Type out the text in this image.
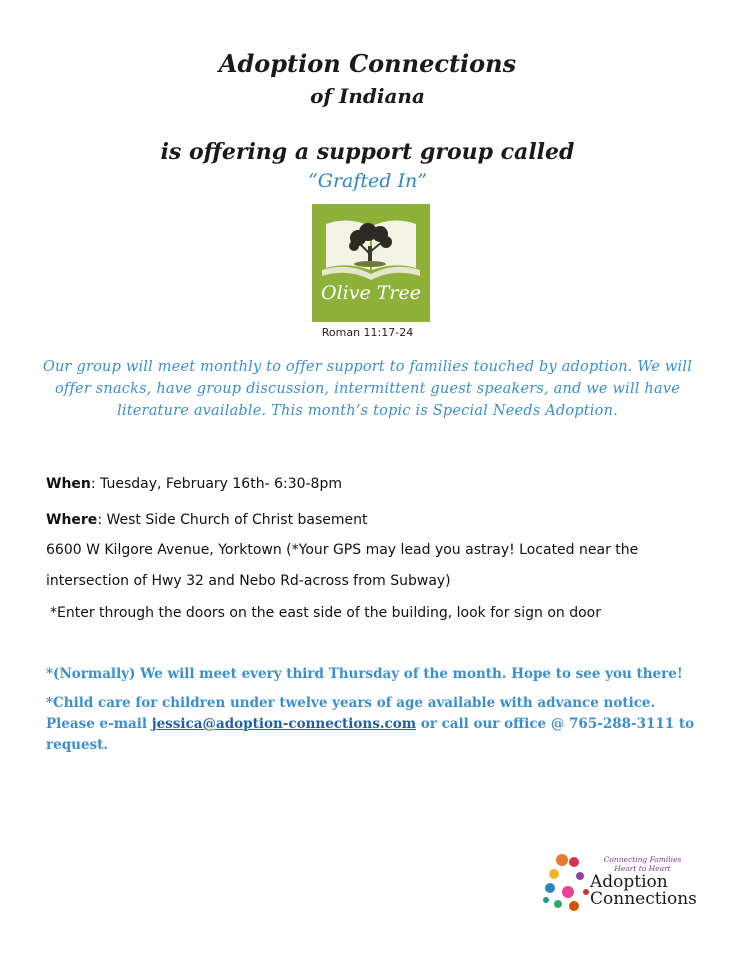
Adoption Connections
of Indiana
is offering a support group called
“Grafted In”
Olive Tree
Roman 11:17-24
Our group will meet monthly to offer support to families touched by adoption. We will offer snacks, have group discussion, intermittent guest speakers, and we will have literature available. This month’s topic is Special Needs Adoption.
When: Tuesday, February 16th- 6:30-8pm
Where: West Side Church of Christ basement
6600 W Kilgore Avenue, Yorktown (*Your GPS may lead you astray! Located near the
intersection of Hwy 32 and Nebo Rd-across from Subway)
*Enter through the doors on the east side of the building, look for sign on door
*(Normally) We will meet every third Thursday of the month. Hope to see you there!
*Child care for children under twelve years of age available with advance notice. Please e-mail jessica@adoption-connections.com or call our office @ 765-288-3111 to request.
Connecting Families Heart to Heart
Adoption
Connections
